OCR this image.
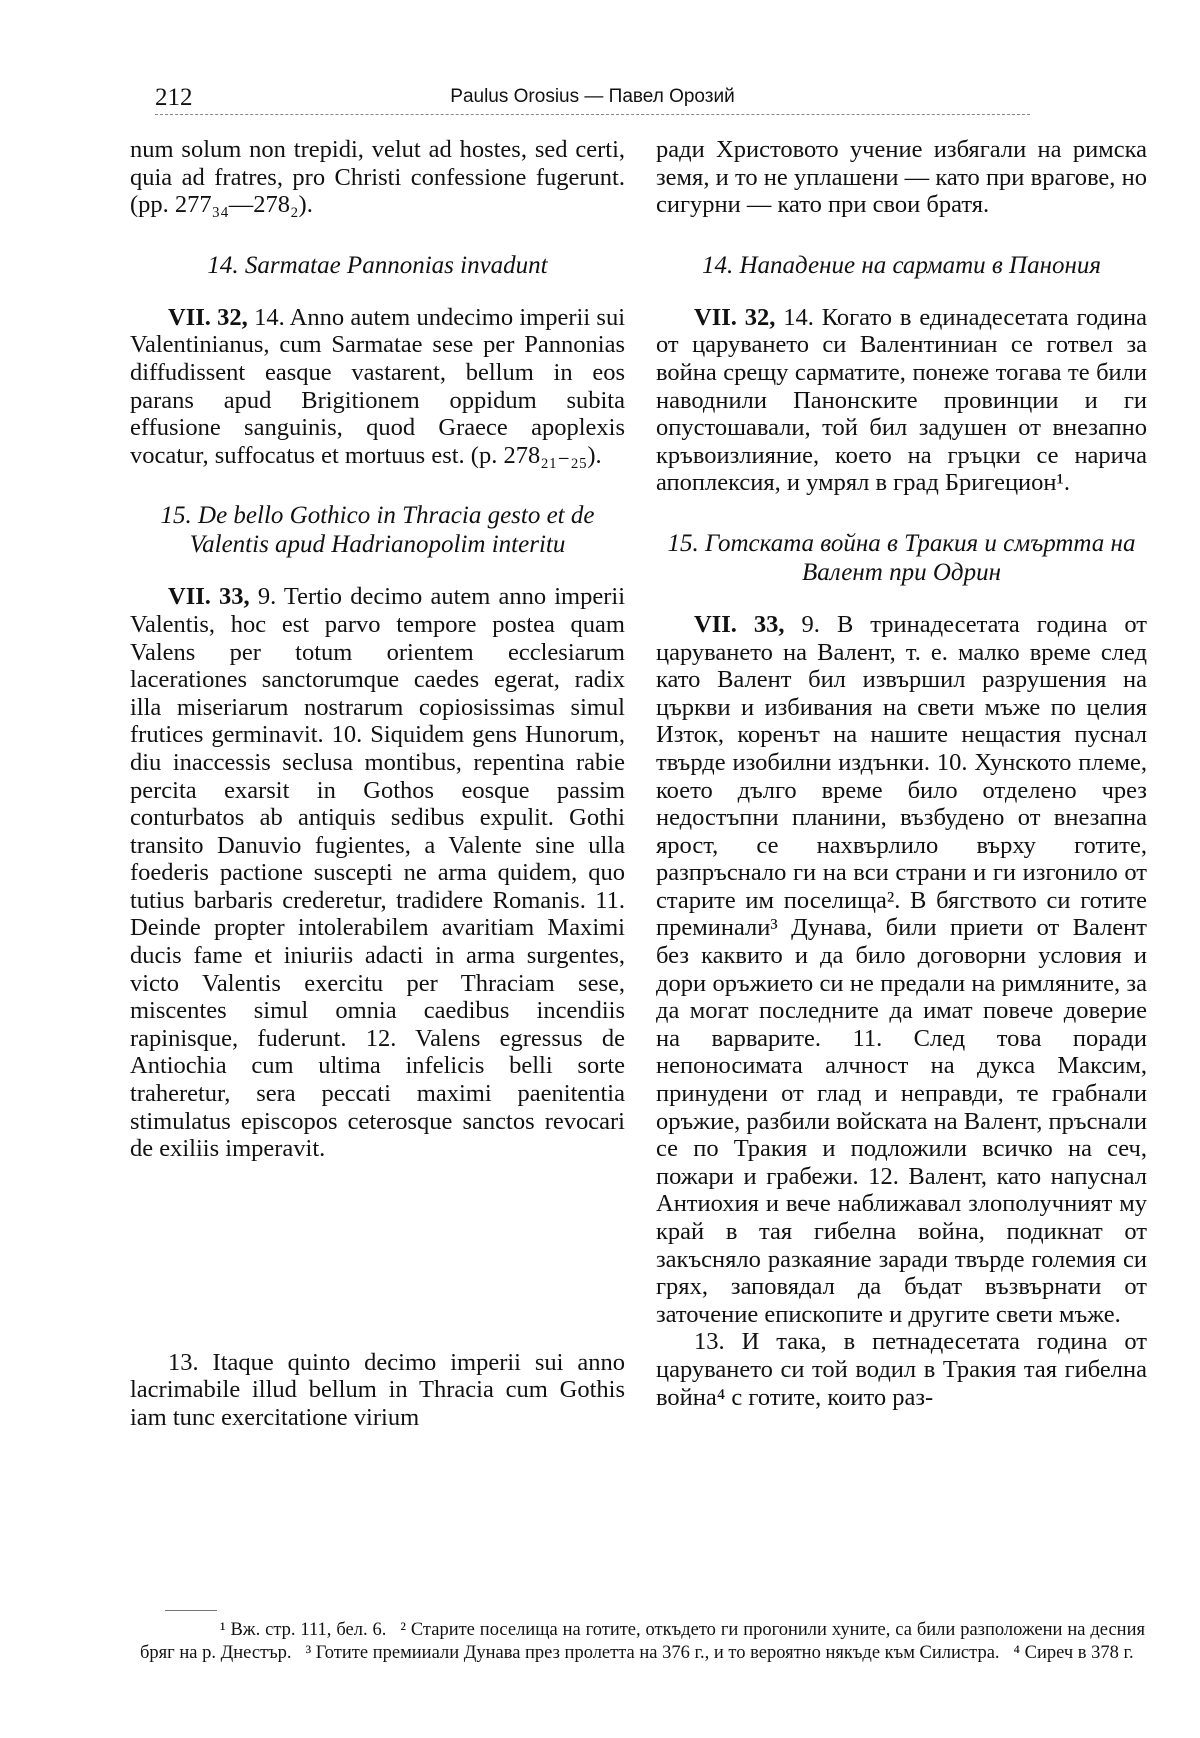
212	Paulus Orosius — Павел Орозий

num solum non trepidi, velut ad hostes, sed certi, quia ad fratres, pro Christi confessione fugerunt. (pp. 277₃₄—278₂).

14. Sarmatae Pannonias invadunt

VII. 32, 14. Anno autem undecimo imperii sui Valentinianus, cum Sarmatae sese per Pannonias diffudissent easque vastarent, bellum in eos parans apud Brigitionem oppidum subita effusione sanguinis, quod Graece apoplexis vocatur, suffocatus et mortuus est. (p. 278₂₁₋₂₅).

15. De bello Gothico in Thracia gesto et de Valentis apud Hadrianopolim interitu

VII. 33, 9. Tertio decimo autem anno imperii Valentis, hoc est parvo tempore postea quam Valens per totum orientem ecclesiarum lacerationes sanctorumque caedes egerat, radix illa miseriarum nostrarum copiosissimas simul frutices germinavit. 10. Siquidem gens Hunorum, diu inaccessis seclusa montibus, repentina rabie percita exarsit in Gothos eosque passim conturbatos ab antiquis sedibus expulit. Gothi transito Danuvio fugientes, a Valente sine ulla foederis pactione suscepti ne arma quidem, quo tutius barbaris crederetur, tradidere Romanis. 11. Deinde propter intolerabilem avaritiam Maximi ducis fame et iniuriis adacti in arma surgentes, victo Valentis exercitu per Thraciam sese, miscentes simul omnia caedibus incendiis rapinisque, fuderunt. 12. Valens egressus de Antiochia cum ultima infelicis belli sorte traheretur, sera peccati maximi paenitentia stimulatus episcopos ceterosque sanctos revocari de exiliis imperavit.

13. Itaque quinto decimo imperii sui anno lacrimabile illud bellum in Thracia cum Gothis iam tunc exercitatione virium

ради Христовото учение избягали на римска земя, и то не уплашени — като при врагове, но сигурни — като при свои братя.

14. Нападение на сармати в Панония

VII. 32, 14. Когато в единадесетата година от царуването си Валентиниан се готвел за война срещу сарматите, понеже тогава те били наводнили Панонските провинции и ги опустошавали, той бил задушен от внезапно кръвоизлияние, което на гръцки се нарича апоплексия, и умрял в град Бригецион¹.

15. Готската война в Тракия и смъртта на Валент при Одрин

VII. 33, 9. В тринадесетата година от царуването на Валент, т. е. малко време след като Валент бил извършил разрушения на църкви и избивания на свети мъже по целия Изток, коренът на нашите нещастия пуснал твърде изобилни издънки. 10. Хунското племе, което дълго време било отделено чрез недостъпни планини, възбудено от внезапна ярост, се нахвърлило върху готите, разпръснало ги на вси страни и ги изгонило от старите им поселища². В бягството си готите преминали³ Дунава, били приети от Валент без каквито и да било договорни условия и дори оръжието си не предали на римляните, за да могат последните да имат повече доверие на варварите. 11. След това поради непоносимата алчност на дукса Максим, принудени от глад и неправди, те грабнали оръжие, разбили войската на Валент, пръснали се по Тракия и подложили всичко на сеч, пожари и грабежи. 12. Валент, като напуснал Антиохия и вече наближавал злополучният му край в тая гибелна война, подикнат от закъсняло разкаяние заради твърде големия си грях, заповядал да бъдат възвърнати от заточение епископите и другите свети мъже.

13. И така, в петнадесетата година от царуването си той водил в Тракия тая гибелна война⁴ с готите, които раз-

¹ Вж. стр. 111, бел. 6. ² Старите поселища на готите, откъдето ги прогонили хуните, са били разположени на десния бряг на р. Днестър. ³ Готите премииали Дунава през пролетта на 376 г., и то вероятно някъде към Силистра. ⁴ Сиреч в 378 г.
